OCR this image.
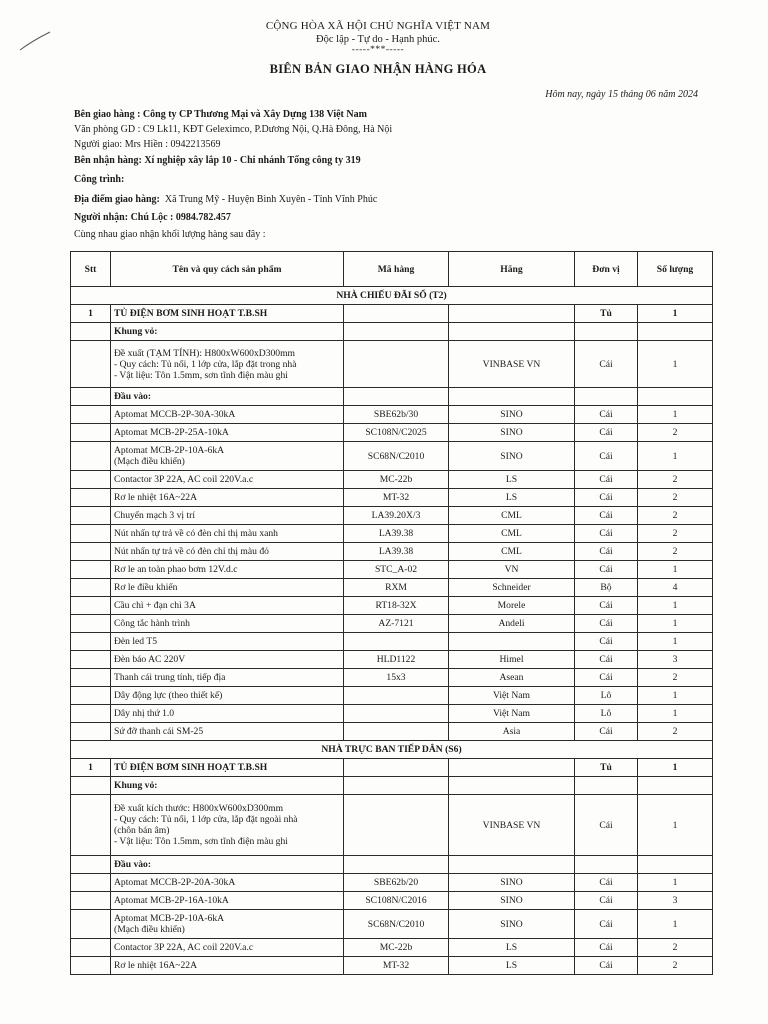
CỘNG HÒA XÃ HỘI CHỦ NGHĨA VIỆT NAM
Độc lập - Tự do - Hạnh phúc.
-----***-----
BIÊN BẢN GIAO NHẬN HÀNG HÓA
Hôm nay, ngày 15 tháng 06 năm 2024
Bên giao hàng : Công ty CP Thương Mại và Xây Dựng 138 Việt Nam
Văn phòng GD : C9 Lk11, KĐT Geleximco, P.Dương Nội, Q.Hà Đông, Hà Nội
Người giao: Mrs Hiền : 0942213569
Bên nhận hàng: Xí nghiệp xây lắp 10 - Chi nhánh Tổng công ty 319
Công trình:
Địa điểm giao hàng: Xã Trung Mỹ - Huyện Bình Xuyên - Tỉnh Vĩnh Phúc
Người nhận: Chú Lộc : 0984.782.457
Cùng nhau giao nhận khối lượng hàng sau đây :
Stt	Tên và quy cách sản phẩm	Mã hàng	Hãng	Đơn vị	Số lượng
NHÀ CHIẾU ĐÃI SỐ (T2)					
1	TỦ ĐIỆN BƠM SINH HOẠT T.B.SH			Tủ	1
	Khung vỏ:				
	Đề xuất (TẠM TÍNH): H800xW600xD300mm
- Quy cách: Tủ nổi, 1 lớp cửa, lắp đặt trong nhà
- Vật liệu: Tôn 1.5mm, sơn tĩnh điện màu ghi		VINBASE VN	Cái	1
	Đầu vào:				
	Aptomat MCCB-2P-30A-30kA	SBE62b/30	SINO	Cái	1
	Aptomat MCB-2P-25A-10kA	SC108N/C2025	SINO	Cái	2
	Aptomat MCB-2P-10A-6kA
(Mạch điều khiển)	SC68N/C2010	SINO	Cái	1
	Contactor 3P 22A, AC coil 220V.a.c	MC-22b	LS	Cái	2
	Rơ le nhiệt 16A~22A	MT-32	LS	Cái	2
	Chuyển mạch 3 vị trí	LA39.20X/3	CML	Cái	2
	Nút nhấn tự trả về có đèn chỉ thị màu xanh	LA39.38	CML	Cái	2
	Nút nhấn tự trả về có đèn chỉ thị màu đỏ	LA39.38	CML	Cái	2
	Rơ le an toàn phao bơm 12V.d.c	STC_A-02	VN	Cái	1
	Rơ le điều khiển	RXM	Schneider	Bộ	4
	Cầu chì + đạn chì 3A	RT18-32X	Morele	Cái	1
	Công tắc hành trình	AZ-7121	Andeli	Cái	1
	Đèn led T5			Cái	1
	Đèn báo AC 220V	HLD1122	Himel	Cái	3
	Thanh cái trung tính, tiếp địa	15x3	Asean	Cái	2
	Dây động lực (theo thiết kế)		Việt Nam	Lô	1
	Dây nhị thứ 1.0		Việt Nam	Lô	1
	Sứ đỡ thanh cái SM-25		Asia	Cái	2
NHÀ TRỰC BAN TIẾP DÂN (S6)					
1	TỦ ĐIỆN BƠM SINH HOẠT T.B.SH			Tủ	1
	Khung vỏ:				
	Đề xuất kích thước: H800xW600xD300mm
- Quy cách: Tủ nổi, 1 lớp cửa, lắp đặt ngoài nhà
(chôn bán âm)
- Vật liệu: Tôn 1.5mm, sơn tĩnh điện màu ghi		VINBASE VN	Cái	1
	Đầu vào:				
	Aptomat MCCB-2P-20A-30kA	SBE62b/20	SINO	Cái	1
	Aptomat MCB-2P-16A-10kA	SC108N/C2016	SINO	Cái	3
	Aptomat MCB-2P-10A-6kA
(Mạch điều khiển)	SC68N/C2010	SINO	Cái	1
	Contactor 3P 22A, AC coil 220V.a.c	MC-22b	LS	Cái	2
	Rơ le nhiệt 16A~22A	MT-32	LS	Cái	2
